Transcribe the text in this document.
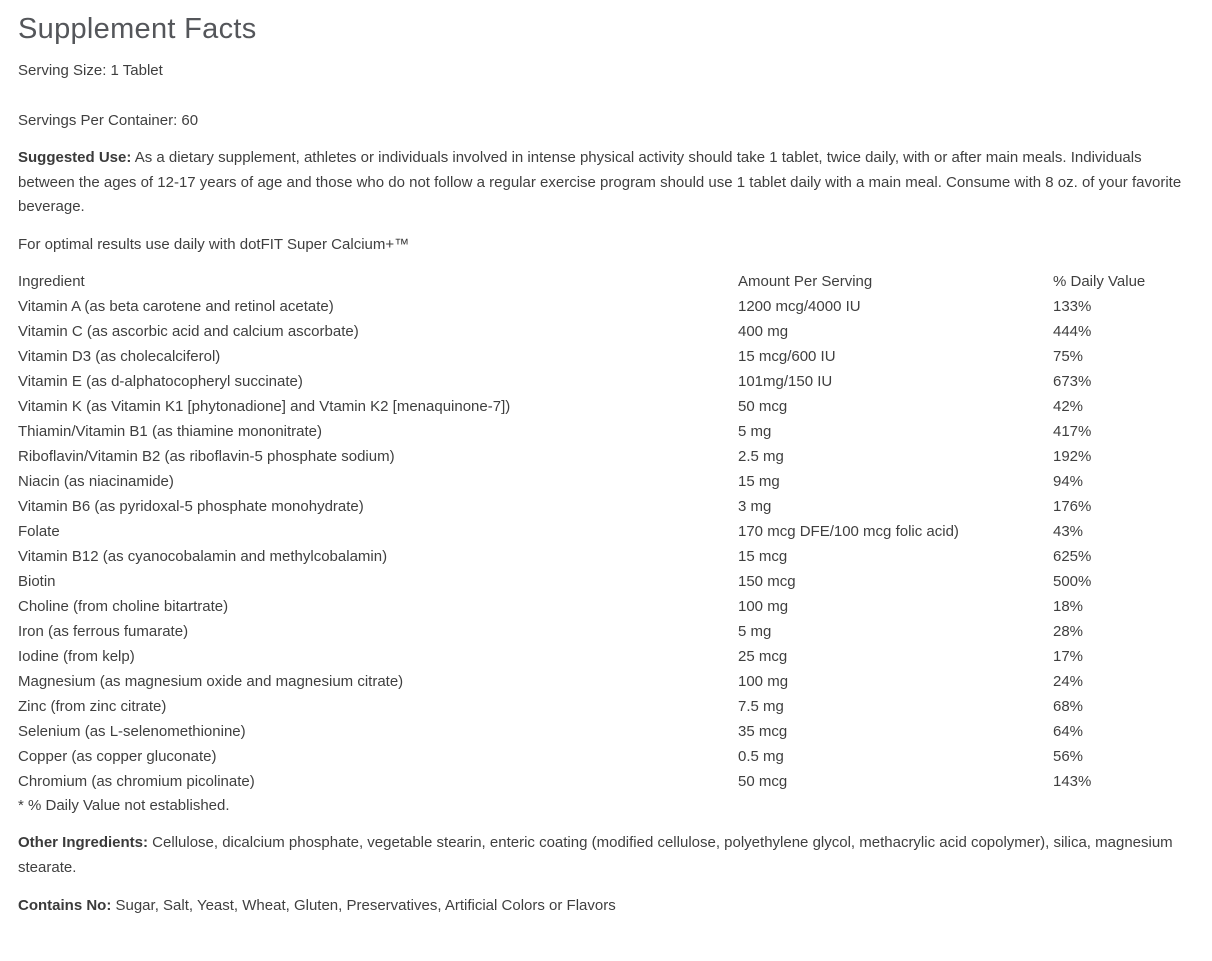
Supplement Facts
Serving Size: 1 Tablet
Servings Per Container: 60

Suggested Use: As a dietary supplement, athletes or individuals involved in intense physical activity should take 1 tablet, twice daily, with or after main meals. Individuals between the ages of 12-17 years of age and those who do not follow a regular exercise program should use 1 tablet daily with a main meal. Consume with 8 oz. of your favorite beverage.

For optimal results use daily with dotFIT Super Calcium+™
Ingredient	Amount Per Serving	% Daily Value
Vitamin A (as beta carotene and retinol acetate)	1200 mcg/4000 IU	133%
Vitamin C (as ascorbic acid and calcium ascorbate)	400 mg	444%
Vitamin D3 (as cholecalciferol)	15 mcg/600 IU	75%
Vitamin E (as d-alphatocopheryl succinate)	101mg/150 IU	673%
Vitamin K (as Vitamin K1 [phytonadione] and Vtamin K2 [menaquinone-7])	50 mcg	42%
Thiamin/Vitamin B1 (as thiamine mononitrate)	5 mg	417%
Riboflavin/Vitamin B2 (as riboflavin-5 phosphate sodium)	2.5 mg	192%
Niacin (as niacinamide)	15 mg	94%
Vitamin B6 (as pyridoxal-5 phosphate monohydrate)	3 mg	176%
Folate	170 mcg DFE/100 mcg folic acid)	43%
Vitamin B12 (as cyanocobalamin and methylcobalamin)	15 mcg	625%
Biotin	150 mcg	500%
Choline (from choline bitartrate)	100 mg	18%
Iron (as ferrous fumarate)	5 mg	28%
Iodine (from kelp)	25 mcg	17%
Magnesium (as magnesium oxide and magnesium citrate)	100 mg	24%
Zinc (from zinc citrate)	7.5 mg	68%
Selenium (as L-selenomethionine)	35 mcg	64%
Copper (as copper gluconate)	0.5 mg	56%
Chromium (as chromium picolinate)	50 mcg	143%
* % Daily Value not established.

Other Ingredients: Cellulose, dicalcium phosphate, vegetable stearin, enteric coating (modified cellulose, polyethylene glycol, methacrylic acid copolymer), silica, magnesium stearate.

Contains No: Sugar, Salt, Yeast, Wheat, Gluten, Preservatives, Artificial Colors or Flavors
